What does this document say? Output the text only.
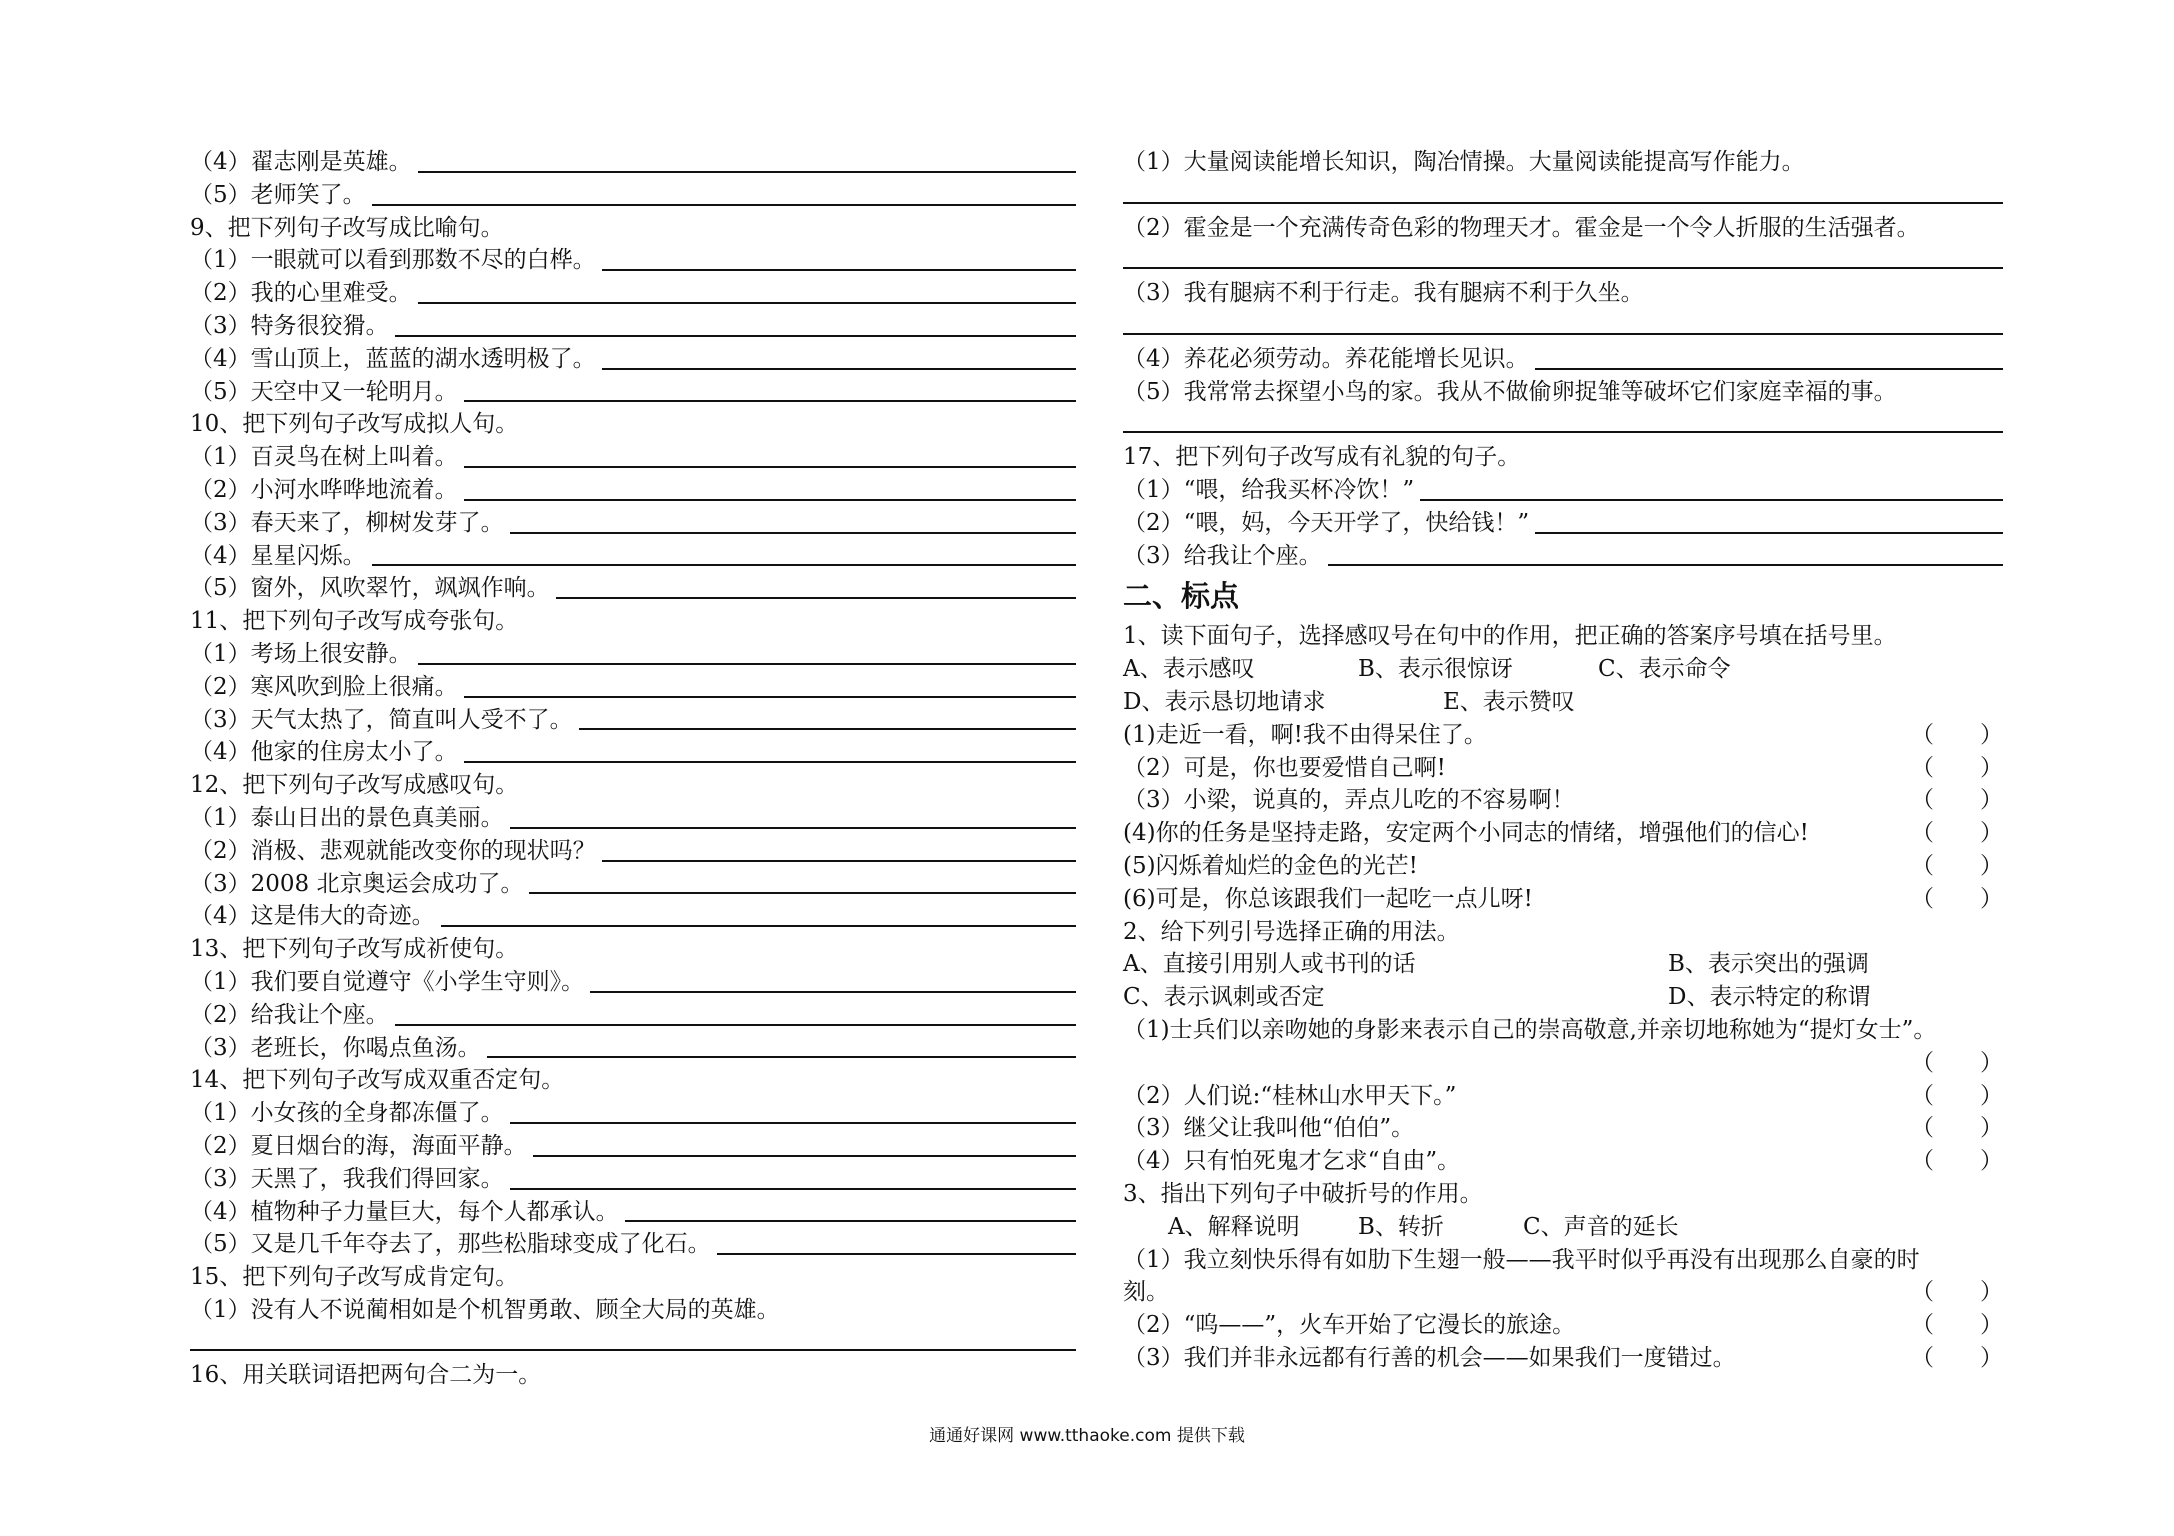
（4）翟志刚是英雄。
（5）老师笑了。
9、把下列句子改写成比喻句。
（1）一眼就可以看到那数不尽的白桦。
（2）我的心里难受。
（3）特务很狡猾。
（4）雪山顶上，蓝蓝的湖水透明极了。
（5）天空中又一轮明月。
10、把下列句子改写成拟人句。
（1）百灵鸟在树上叫着。
（2）小河水哗哗地流着。
（3）春天来了，柳树发芽了。
（4）星星闪烁。
（5）窗外，风吹翠竹，飒飒作响。
11、把下列句子改写成夸张句。
（1）考场上很安静。
（2）寒风吹到脸上很痛。
（3）天气太热了，简直叫人受不了。
（4）他家的住房太小了。
12、把下列句子改写成感叹句。
（1）泰山日出的景色真美丽。
（2）消极、悲观就能改变你的现状吗？
（3）2008 北京奥运会成功了。
（4）这是伟大的奇迹。
13、把下列句子改写成祈使句。
（1）我们要自觉遵守《小学生守则》。
（2）给我让个座。
（3）老班长，你喝点鱼汤。
14、把下列句子改写成双重否定句。
（1）小女孩的全身都冻僵了。
（2）夏日烟台的海，海面平静。
（3）天黑了，我我们得回家。
（4）植物种子力量巨大，每个人都承认。
（5）又是几千年夺去了，那些松脂球变成了化石。
15、把下列句子改写成肯定句。
（1）没有人不说蔺相如是个机智勇敢、顾全大局的英雄。
16、用关联词语把两句合二为一。
（1）大量阅读能增长知识，陶冶情操。大量阅读能提高写作能力。
（2）霍金是一个充满传奇色彩的物理天才。霍金是一个令人折服的生活强者。
（3）我有腿病不利于行走。我有腿病不利于久坐。
（4）养花必须劳动。养花能增长见识。
（5）我常常去探望小鸟的家。我从不做偷卵捉雏等破坏它们家庭幸福的事。
17、把下列句子改写成有礼貌的句子。
（1）“喂，给我买杯冷饮！”
（2）“喂，妈，今天开学了，快给钱！”
（3）给我让个座。
二、标点
1、读下面句子，选择感叹号在句中的作用，把正确的答案序号填在括号里。
A、表示感叹	B、表示很惊讶	C、表示命令
D、表示恳切地请求	E、表示赞叹
(1)走近一看，啊!我不由得呆住了。	（　　）
（2）可是，你也要爱惜自己啊!	（　　）
（3）小梁，说真的，弄点儿吃的不容易啊！	（　　）
(4)你的任务是坚持走路，安定两个小同志的情绪，增强他们的信心!	（　　）
(5)闪烁着灿烂的金色的光芒!	（　　）
(6)可是，你总该跟我们一起吃一点儿呀!	（　　）
2、给下列引号选择正确的用法。
A、直接引用别人或书刊的话	B、表示突出的强调
C、表示讽刺或否定	D、表示特定的称谓
（1)士兵们以亲吻她的身影来表示自己的崇高敬意,并亲切地称她为“提灯女士”。
（　　）
（2）人们说:“桂林山水甲天下。”	（　　）
（3）继父让我叫他“伯伯”。	（　　）
（4）只有怕死鬼才乞求“自由”。	（　　）
3、指出下列句子中破折号的作用。
A、解释说明	B、转折	C、声音的延长
（1）我立刻快乐得有如肋下生翅一般——我平时似乎再没有出现那么自豪的时
刻。	（　　）
（2）“呜——”，火车开始了它漫长的旅途。	（　　）
（3）我们并非永远都有行善的机会——如果我们一度错过。	（　　）
通通好课网 www.tthaoke.com 提供下载
